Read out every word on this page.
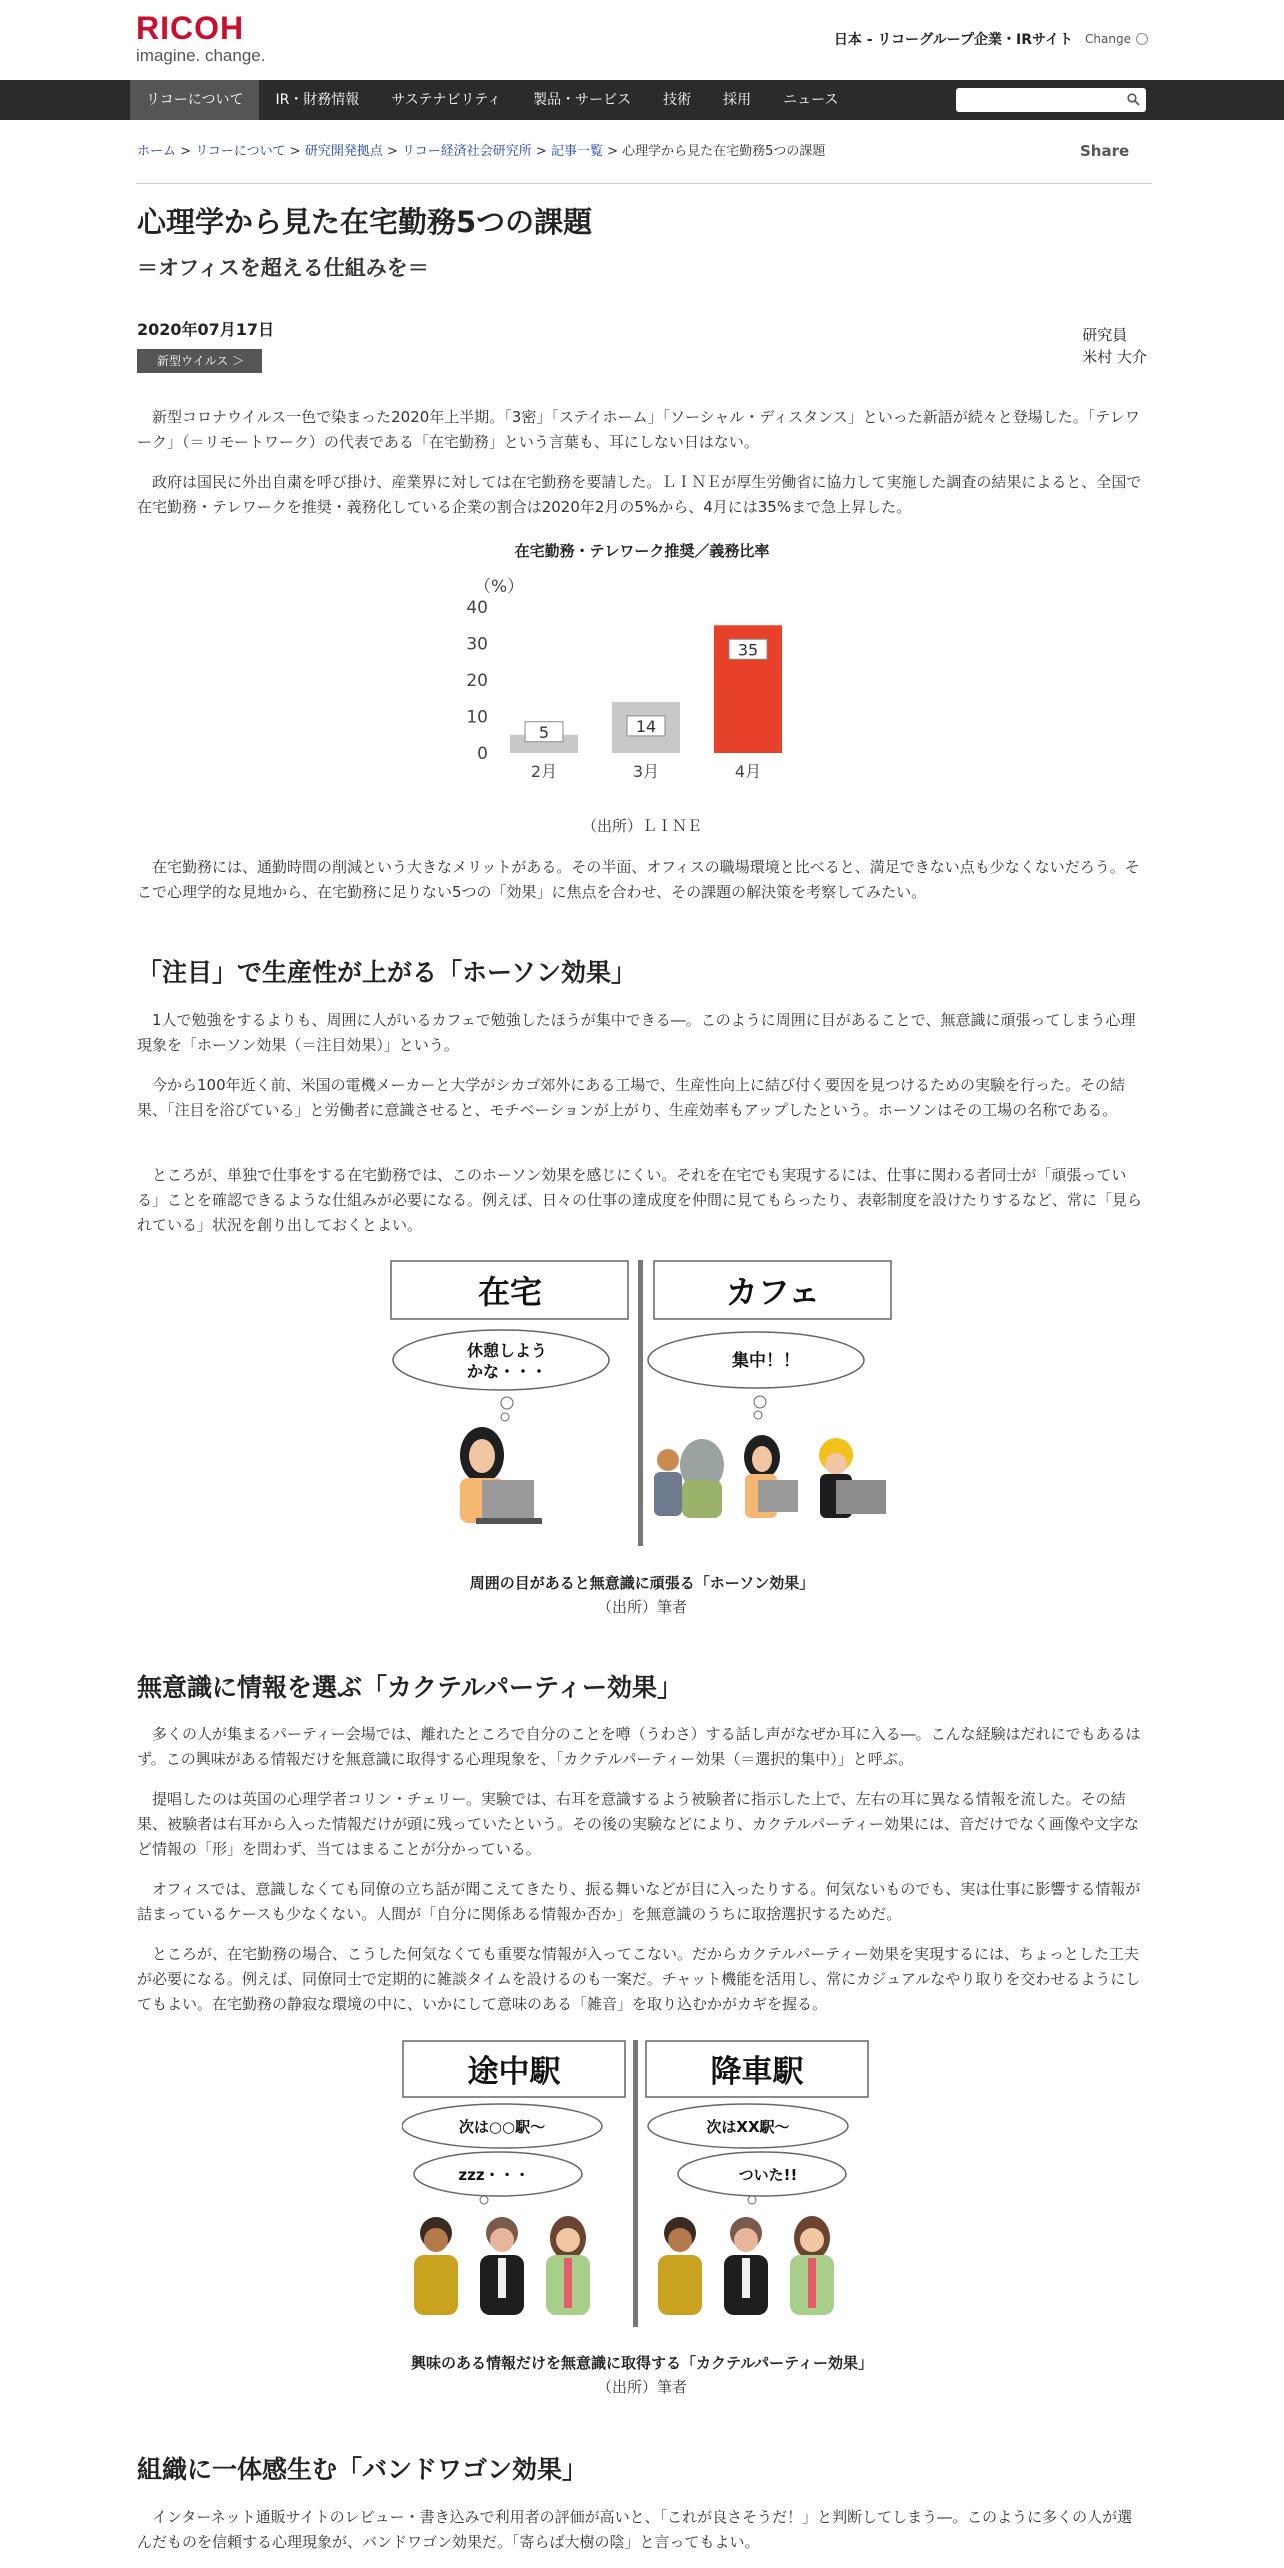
RICOH
imagine. change.
日本 - リコーグループ企業・IRサイト Change
リコーについて	IR・財務情報	サステナビリティ	製品・サービス	技術	採用	ニュース
ホーム > リコーについて > 研究開発拠点 > リコー経済社会研究所 > 記事一覧 > 心理学から見た在宅勤務5つの課題	Share
心理学から見た在宅勤務5つの課題
＝オフィスを超える仕組みを＝
2020年07月17日
新型ウイルス ＞
研究員
米村 大介
新型コロナウイルス一色で染まった2020年上半期。「3密」「ステイホーム」「ソーシャル・ディスタンス」といった新語が続々と登場した。「テレワーク」（＝リモートワーク）の代表である「在宅勤務」という言葉も、耳にしない日はない。
政府は国民に外出自粛を呼び掛け、産業界に対しては在宅勤務を要請した。ＬＩＮＥが厚生労働省に協力して実施した調査の結果によると、全国で在宅勤務・テレワークを推奨・義務化している企業の割合は2020年2月の5%から、4月には35%まで急上昇した。
在宅勤務・テレワーク推奨／義務比率
（%）
0
10
20
30
40
5
2月
14
3月
35
4月
（出所）ＬＩＮＥ
在宅勤務には、通勤時間の削減という大きなメリットがある。その半面、オフィスの職場環境と比べると、満足できない点も少なくないだろう。そこで心理学的な見地から、在宅勤務に足りない5つの「効果」に焦点を合わせ、その課題の解決策を考察してみたい。
「注目」で生産性が上がる「ホーソン効果」
1人で勉強をするよりも、周囲に人がいるカフェで勉強したほうが集中できる―。このように周囲に目があることで、無意識に頑張ってしまう心理現象を「ホーソン効果（＝注目効果）」という。
今から100年近く前、米国の電機メーカーと大学がシカゴ郊外にある工場で、生産性向上に結び付く要因を見つけるための実験を行った。その結果、「注目を浴びている」と労働者に意識させると、モチベーションが上がり、生産効率もアップしたという。ホーソンはその工場の名称である。
ところが、単独で仕事をする在宅勤務では、このホーソン効果を感じにくい。それを在宅でも実現するには、仕事に関わる者同士が「頑張っている」ことを確認できるような仕組みが必要になる。例えば、日々の仕事の達成度を仲間に見てもらったり、表彰制度を設けたりするなど、常に「見られている」状況を創り出しておくとよい。
在宅	カフェ
休憩しよう
かな・・・
集中！！
周囲の目があると無意識に頑張る「ホーソン効果」
（出所）筆者
無意識に情報を選ぶ「カクテルパーティー効果」
多くの人が集まるパーティー会場では、離れたところで自分のことを噂（うわさ）する話し声がなぜか耳に入る―。こんな経験はだれにでもあるはず。この興味がある情報だけを無意識に取得する心理現象を、「カクテルパーティー効果（＝選択的集中）」と呼ぶ。
提唱したのは英国の心理学者コリン・チェリー。実験では、右耳を意識するよう被験者に指示した上で、左右の耳に異なる情報を流した。その結果、被験者は右耳から入った情報だけが頭に残っていたという。その後の実験などにより、カクテルパーティー効果には、音だけでなく画像や文字など情報の「形」を問わず、当てはまることが分かっている。
オフィスでは、意識しなくても同僚の立ち話が聞こえてきたり、振る舞いなどが目に入ったりする。何気ないものでも、実は仕事に影響する情報が詰まっているケースも少なくない。人間が「自分に関係ある情報か否か」を無意識のうちに取捨選択するためだ。
ところが、在宅勤務の場合、こうした何気なくても重要な情報が入ってこない。だからカクテルパーティー効果を実現するには、ちょっとした工夫が必要になる。例えば、同僚同士で定期的に雑談タイムを設けるのも一案だ。チャット機能を活用し、常にカジュアルなやり取りを交わせるようにしてもよい。在宅勤務の静寂な環境の中に、いかにして意味のある「雑音」を取り込むかがカギを握る。
途中駅	降車駅
次は○○駅～	次はXX駅～
zzz・・・	ついた!!
興味のある情報だけを無意識に取得する「カクテルパーティー効果」
（出所）筆者
組織に一体感生む「バンドワゴン効果」
インターネット通販サイトのレビュー・書き込みで利用者の評価が高いと、「これが良さそうだ！」と判断してしまう―。このように多くの人が選んだものを信頼する心理現象が、バンドワゴン効果だ。「寄らば大樹の陰」と言ってもよい。
